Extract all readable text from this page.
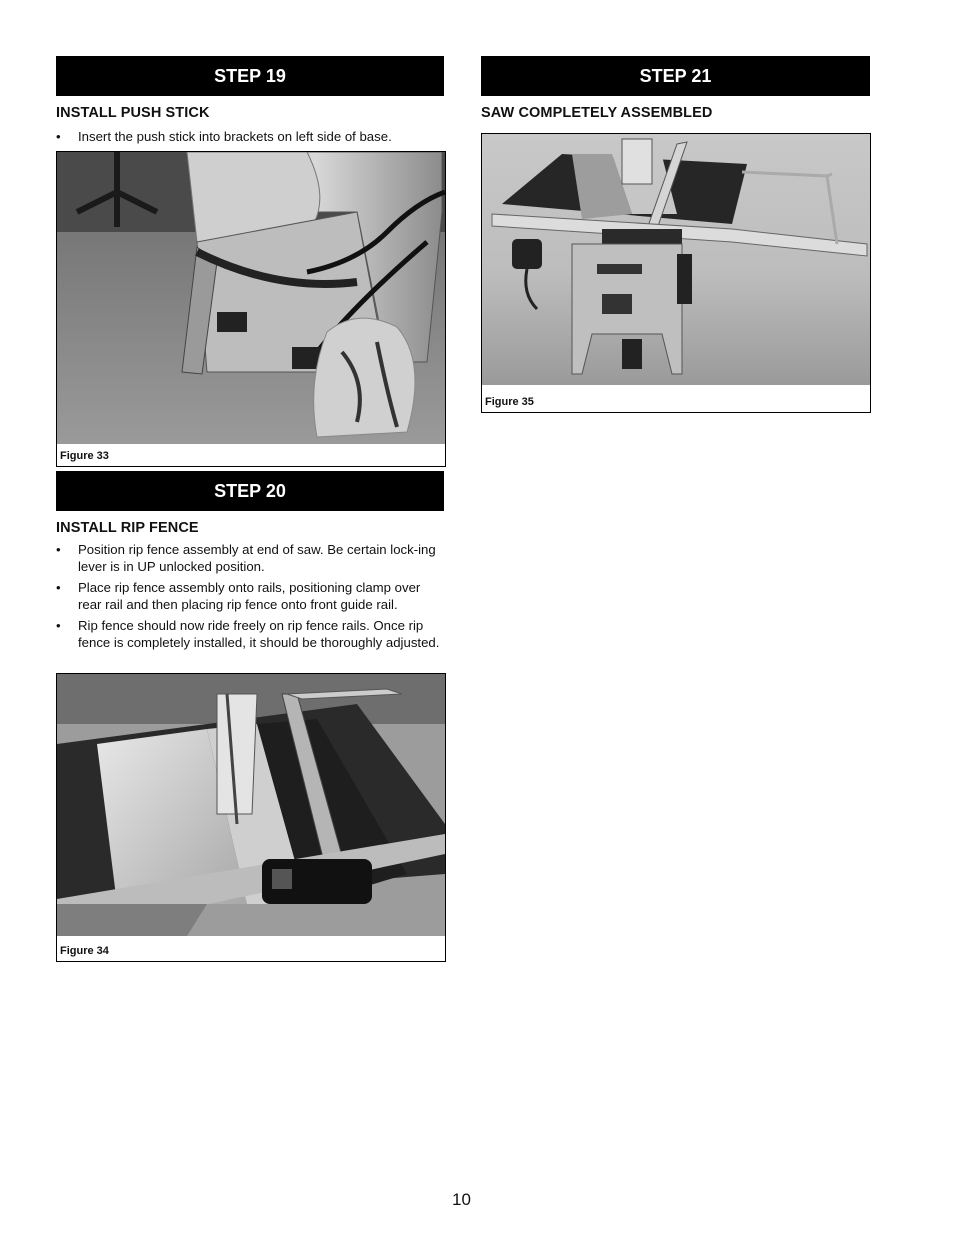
STEP 19
INSTALL PUSH STICK
• Insert the push stick into brackets on left side of base.
Figure 33
STEP 20
INSTALL RIP FENCE
• Position rip fence assembly at end of saw. Be certain lock-ing lever is in UP unlocked position.
• Place rip fence assembly onto rails, positioning clamp over rear rail and then placing rip fence onto front guide rail.
• Rip fence should now ride freely on rip fence rails. Once rip fence is completely installed, it should be thoroughly adjusted.
Figure 34
STEP 21
SAW COMPLETELY ASSEMBLED
Figure 35
10
